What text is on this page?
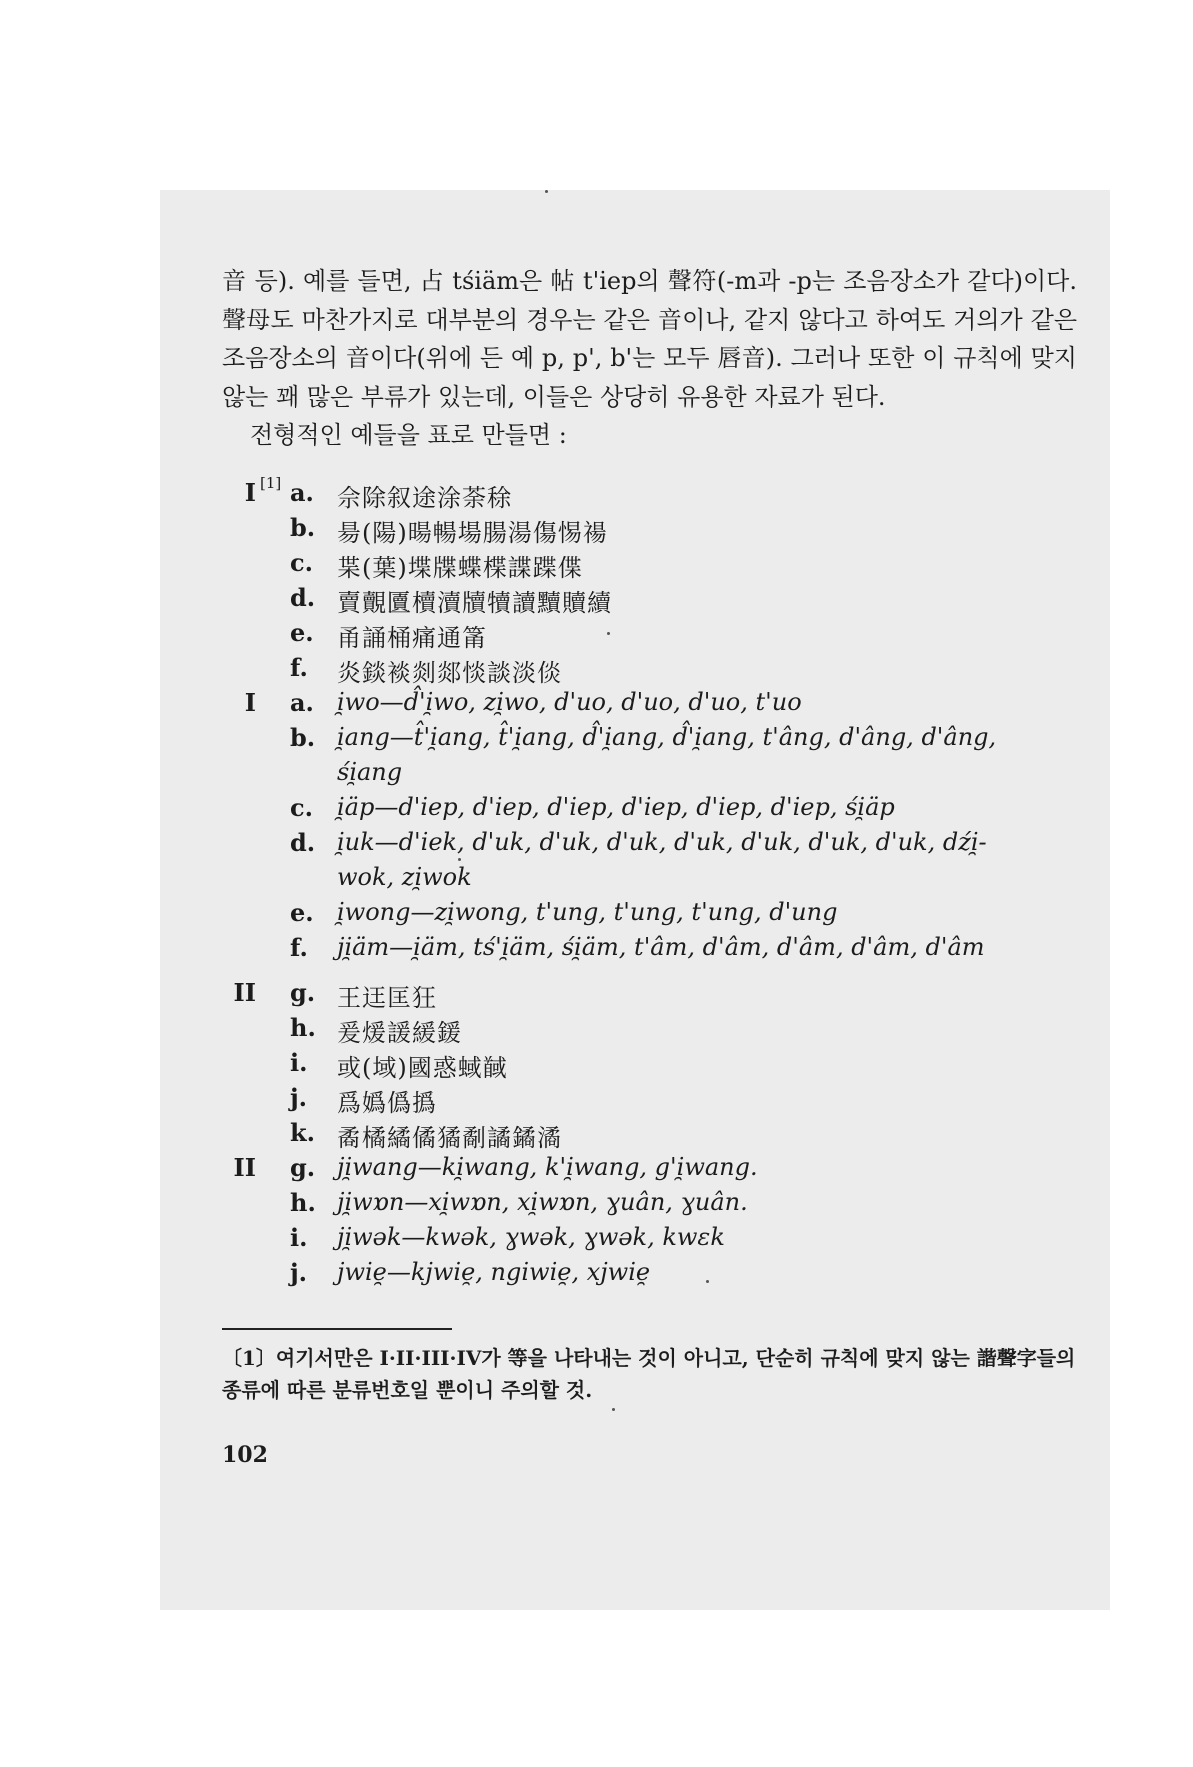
音 등). 예를 들면, 占 tśiäm은 帖 t'iep의 聲符(-m과 -p는 조음장소가 같다)이다. 聲母도 마찬가지로 대부분의 경우는 같은 音이나, 같지 않다고 하여도 거의가 같은 조음장소의 音이다(위에 든 예 p, p', b'는 모두 唇音). 그러나 또한 이 규칙에 맞지 않는 꽤 많은 부류가 있는데, 이들은 상당히 유용한 자료가 된다.

전형적인 예들을 표로 만들면 :

I [1] a. 佘除叙途涂荼稌
b. 昜(陽)暘暢場腸湯傷惕禓
c.	枼(葉)堞牒蝶楪諜蹀偞
d. 賣覿匵櫝瀆牘犢讀黷贖續
e. 甬誦桶痛通筩
f.	炎錟裧剡郯惔談淡倓
I a. i̯wo—d̂'i̯wo, zi̯wo, d'uo, d'uo, d'uo, t'uo
b. i̯ang—t̂'i̯ang, t̂'i̯ang, d̂'i̯ang, d̂'i̯ang, t'âng, d'âng, d'âng,
śi̯ang
c.	i̯äp—d'iep, d'iep, d'iep, d'iep, d'iep, d'iep, śi̯äp
d. i̯uk—d'iek, d'uk, d'uk, d'uk, d'uk, d'uk, d'uk, d'uk, dźi̯-
wok, zi̯wok
e. i̯wong—zi̯wong, t'ung, t'ung, t'ung, d'ung
f.	ji̯äm—i̯äm, tś'i̯äm, śi̯äm, t'âm, d'âm, d'âm, d'âm, d'âm
II g. 王迋匡狂
h. 爰煖諼緩鍰
i.	或(域)國惑蜮馘
j.	爲嬀僞撝
k. 矞橘繘僪獝劀譎鐍潏
II g. ji̯wang—ki̯wang, k'i̯wang, g'i̯wang.
h. ji̯wɒn—xi̯wɒn, xi̯wɒn, ɣuân, ɣuân.
i.	ji̯wək—kwək, ɣwək, ɣwək, kwɛk
j.	jwie̯—kjwie̯, ngiwie̯, xjwie̯
〔1〕여기서만은 I·II·III·IV가 等을 나타내는 것이 아니고, 단순히 규칙에 맞지 않는 諧聲字들의 종류에 따른 분류번호일 뿐이니 주의할 것.
102
